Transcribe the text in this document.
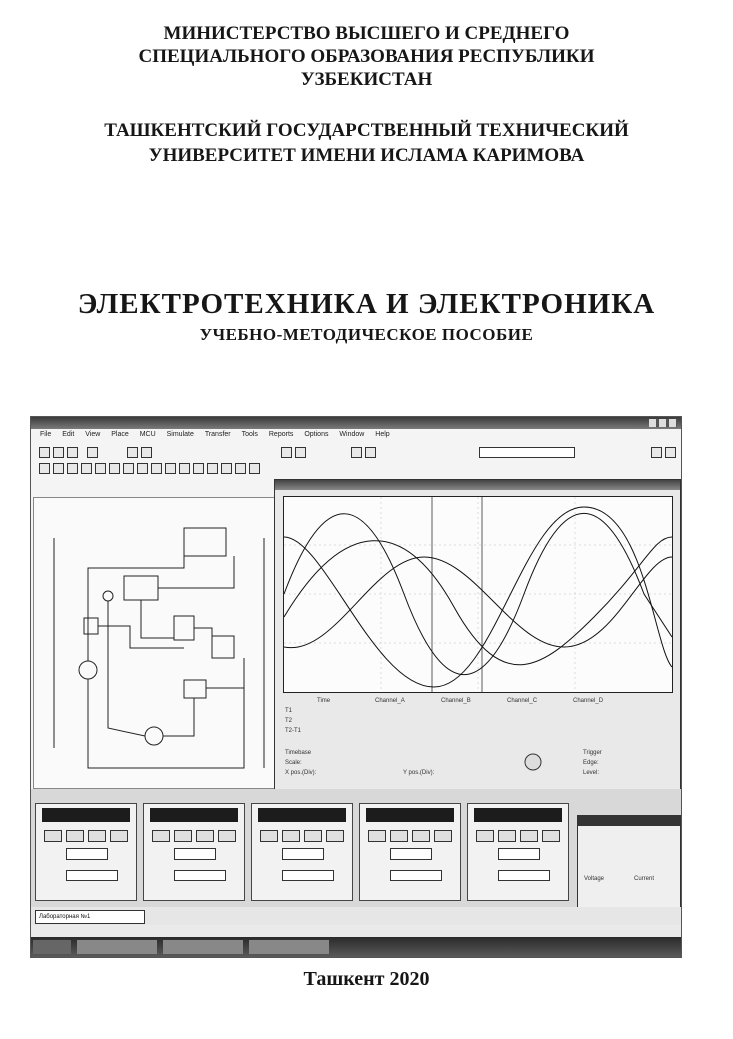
МИНИСТЕРСТВО ВЫСШЕГО И СРЕДНЕГО
СПЕЦИАЛЬНОГО ОБРАЗОВАНИЯ РЕСПУБЛИКИ
УЗБЕКИСТАН
ТАШКЕНТСКИЙ ГОСУДАРСТВЕННЫЙ ТЕХНИЧЕСКИЙ
УНИВЕРСИТЕТ ИМЕНИ ИСЛАМА КАРИМОВА
ЭЛЕКТРОТЕХНИКА И ЭЛЕКТРОНИКА
УЧЕБНО-МЕТОДИЧЕСКОЕ ПОСОБИЕ
File Edit View Place MCU Simulate Transfer Tools Reports Options Window Help
Time	Channel_A	Channel_B	Channel_C	Channel_D
T1
T2
T2-T1
Timebase
Scale:
X pos.(Div):	Y pos.(Div):
Trigger
Edge:
Level:
Voltage	Current
Лабораторная №1
Ташкент 2020
